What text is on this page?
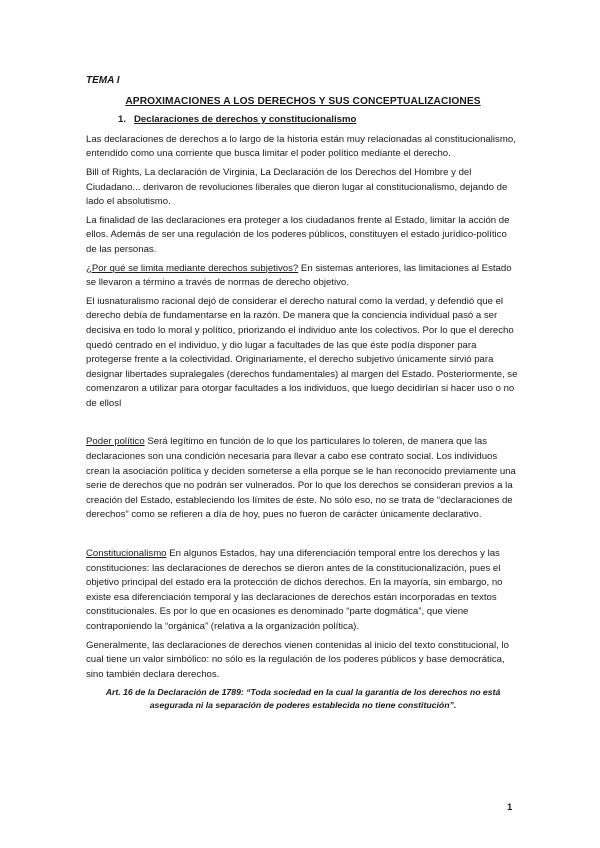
TEMA I
APROXIMACIONES A LOS DERECHOS Y SUS CONCEPTUALIZACIONES
1. Declaraciones de derechos y constitucionalismo

Las declaraciones de derechos a lo largo de la historia están muy relacionadas al constitucionalismo, entendido como una corriente que busca limitar el poder político mediante el derecho.

Bill of Rights, La declaración de Virginia, La Declaración de los Derechos del Hombre y del Ciudadano... derivaron de revoluciones liberales que dieron lugar al constitucionalismo, dejando de lado el absolutismo.

La finalidad de las declaraciones era proteger a los ciudadanos frente al Estado, limitar la acción de ellos. Además de ser una regulación de los poderes públicos, constituyen el estado jurídico-político de las personas.

¿Por qué se limita mediante derechos subjetivos? En sistemas anteriores, las limitaciones al Estado se llevaron a término a través de normas de derecho objetivo.

El iusnaturalismo racional dejó de considerar el derecho natural como la verdad, y defendió que el derecho debía de fundamentarse en la razón. De manera que la conciencia individual pasó a ser decisiva en todo lo moral y político, priorizando el individuo ante los colectivos. Por lo que el derecho quedó centrado en el individuo, y dio lugar a facultades de las que éste podía disponer para protegerse frente a la colectividad. Originariamente, el derecho subjetivo únicamente sirvió para designar libertades supralegales (derechos fundamentales) al margen del Estado. Posteriormente, se comenzaron a utilizar para otorgar facultades a los individuos, que luego decidirían si hacer uso o no de ellosl

Poder político Será legítimo en función de lo que los particulares lo toleren, de manera que las declaraciones son una condición necesaria para llevar a cabo ese contrato social. Los individuos crean la asociación política y deciden someterse a ella porque se le han reconocido previamente una serie de derechos que no podrán ser vulnerados. Por lo que los derechos se consideran previos a la creación del Estado, estableciendo los límites de éste. No sólo eso, no se trata de “declaraciones de derechos” como se refieren a día de hoy, pues no fueron de carácter únicamente declarativo.

Constitucionalismo En algunos Estados, hay una diferenciación temporal entre los derechos y las constituciones: las declaraciones de derechos se dieron antes de la constitucionalización, pues el objetivo principal del estado era la protección de dichos derechos. En la mayoría, sin embargo, no existe esa diferenciación temporal y las declaraciones de derechos están incorporadas en textos constitucionales. Es por lo que en ocasiones es denominado “parte dogmática”, que viene contraponiendo la “orgánica” (relativa a la organización política).

Generalmente, las declaraciones de derechos vienen contenidas al inicio del texto constitucional, lo cual tiene un valor simbólico: no sólo es la regulación de los poderes públicos y base democrática, sino también declara derechos.

Art. 16 de la Declaración de 1789: “Toda sociedad en la cual la garantía de los derechos no está asegurada ni la separación de poderes establecida no tiene constitución”.
1
